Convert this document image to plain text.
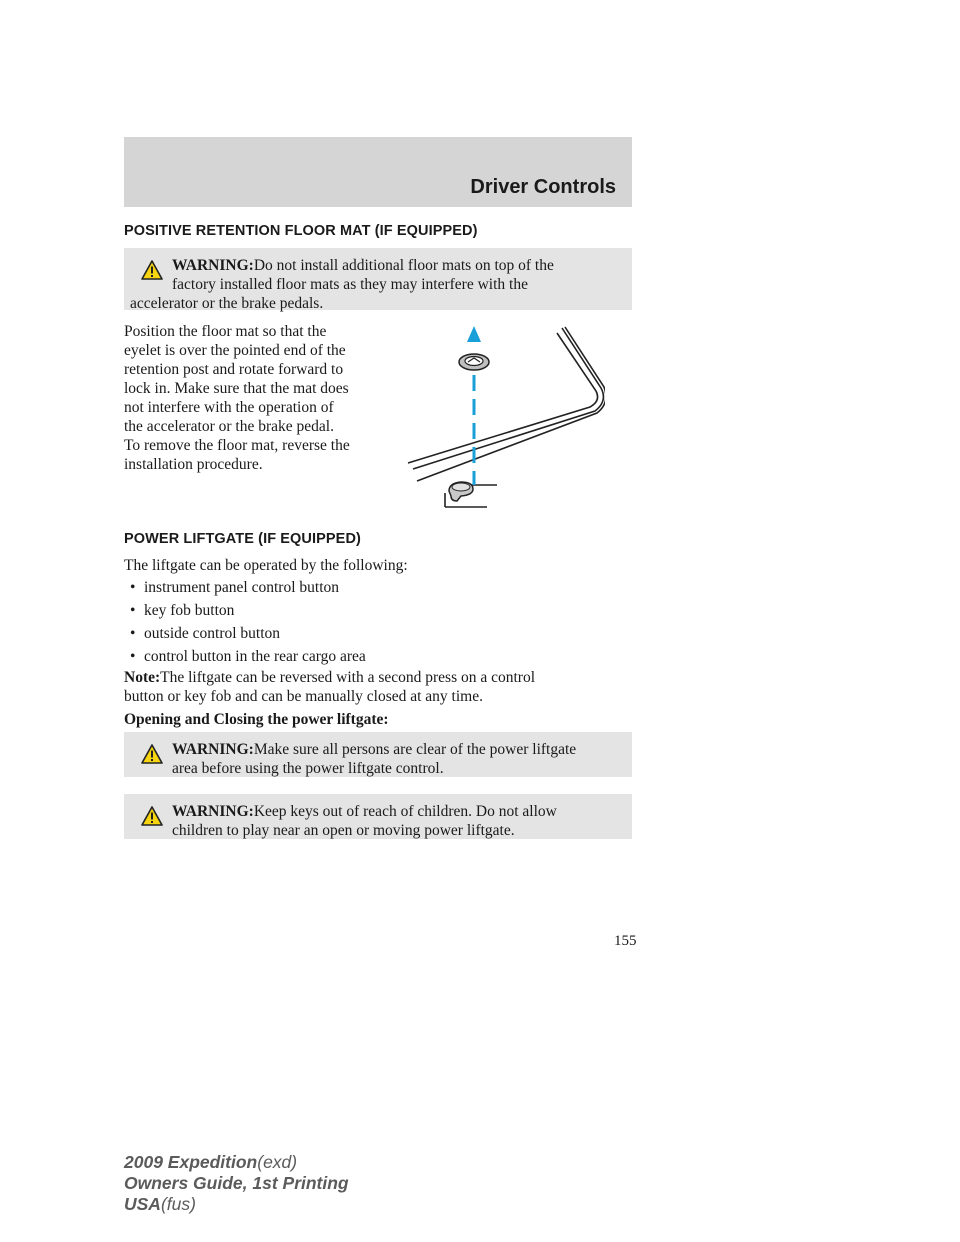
Driver Controls
POSITIVE RETENTION FLOOR MAT (IF EQUIPPED)
WARNING:Do not install additional floor mats on top of the
factory installed floor mats as they may interfere with the
accelerator or the brake pedals.
Position the floor mat so that the
eyelet is over the pointed end of the
retention post and rotate forward to
lock in. Make sure that the mat does
not interfere with the operation of
the accelerator or the brake pedal.
To remove the floor mat, reverse the
installation procedure.
POWER LIFTGATE (IF EQUIPPED)
The liftgate can be operated by the following:
• instrument panel control button
• key fob button
• outside control button
• control button in the rear cargo area
Note:The liftgate can be reversed with a second press on a control
button or key fob and can be manually closed at any time.
Opening and Closing the power liftgate:
WARNING:Make sure all persons are clear of the power liftgate
area before using the power liftgate control.
WARNING:Keep keys out of reach of children. Do not allow
children to play near an open or moving power liftgate.
155
2009 Expedition(exd)
Owners Guide, 1st Printing
USA(fus)
